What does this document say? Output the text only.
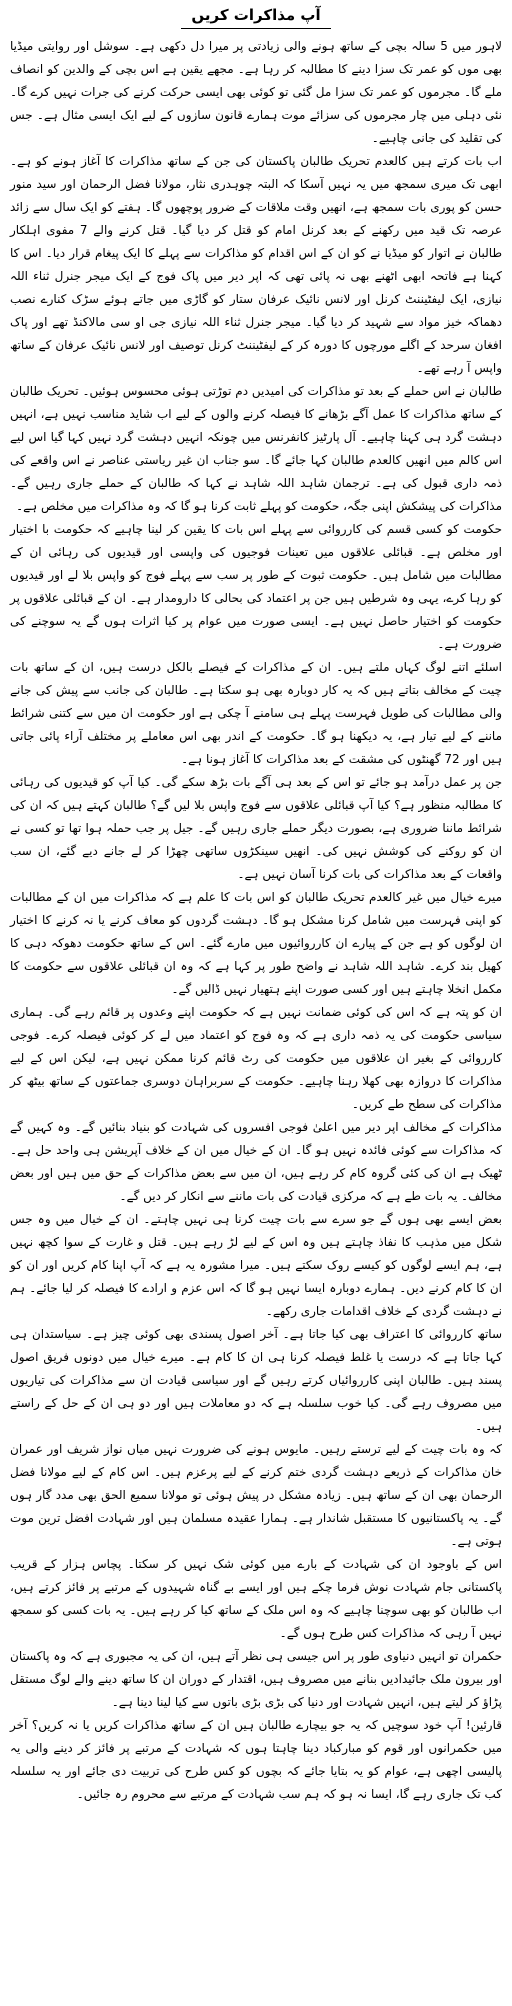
آپ مذاکرات کریں

لاہور میں 5 سالہ بچی کے ساتھ ہونے والی زیادتی پر میرا دل دکھی ہے۔ سوشل اور روایتی میڈیا بھی موں کو عمر تک سزا دینے کا مطالبہ کر رہا ہے۔ مجھے یقین ہے اس بچی کے والدین کو انصاف ملے گا۔ مجرموں کو عمر تک سزا مل گئی تو کوئی بھی ایسی حرکت کرنے کی جرات نہیں کرے گا۔ نئی دہلی میں چار مجرموں کی سزائے موت ہمارے قانون سازوں کے لیے ایک ایسی مثال ہے۔ جس کی تقلید کی جانی چاہیے۔

اب بات کرتے ہیں کالعدم تحریک طالبان پاکستان کی جن کے ساتھ مذاکرات کا آغاز ہونے کو ہے۔ ابھی تک میری سمجھ میں یہ نہیں آسکا کہ البتہ چوہدری نثار، مولانا فضل الرحمان اور سید منور حسن کو پوری بات سمجھ ہے، انھیں وقت ملاقات کے ضرور پوچھوں گا۔ ہفتے کو ایک سال سے زائد عرصہ تک قید میں رکھنے کے بعد کرنل امام کو قتل کر دیا گیا۔ قتل کرنے والے 7 مفوی اہلکار طالبان نے اتوار کو میڈیا نے کو ان کے اس اقدام کو مذاکرات سے پہلے کا ایک پیغام قرار دیا۔ اس کا کہنا ہے فاتحہ ابھی اٹھنے بھی نہ پائی تھی کہ اپر دیر میں پاک فوج کے ایک میجر جنرل ثناء اللہ نیازی، ایک لیفٹیننٹ کرنل اور لانس نائیک عرفان ستار کو گاڑی میں جاتے ہوئے سڑک کنارے نصب دھماکہ خیز مواد سے شہید کر دیا گیا۔ میجر جنرل ثناء اللہ نیازی جی او سی مالاکنڈ تھے اور پاک افغان سرحد کے اگلے مورچوں کا دورہ کر کے لیفٹیننٹ کرنل توصیف اور لانس نائیک عرفان کے ساتھ واپس آ رہے تھے۔

طالبان نے اس حملے کے بعد تو مذاکرات کی امیدیں دم توڑتی ہوئی محسوس ہوئیں۔ تحریک طالبان کے ساتھ مذاکرات کا عمل آگے بڑھانے کا فیصلہ کرنے والوں کے لیے اب شاید مناسب نہیں ہے، انہیں دہشت گرد ہی کہنا چاہیے۔ آل پارٹیز کانفرنس میں چونکہ انہیں دہشت گرد نہیں کہا گیا اس لیے اس کالم میں انھیں کالعدم طالبان کہا جائے گا۔ سو جناب ان غیر ریاستی عناصر نے اس واقعے کی ذمہ داری قبول کی ہے۔ ترجمان شاہد اللہ شاہد نے کہا کہ طالبان کے حملے جاری رہیں گے۔ مذاکرات کی پیشکش اپنی جگہ، حکومت کو پہلے ثابت کرنا ہو گا کہ وہ مذاکرات میں مخلص ہے۔

حکومت کو کسی قسم کی کارروائی سے پہلے اس بات کا یقین کر لینا چاہیے کہ حکومت با اختیار اور مخلص ہے۔ قبائلی علاقوں میں تعینات فوجیوں کی واپسی اور قیدیوں کی رہائی ان کے مطالبات میں شامل ہیں۔ حکومت ثبوت کے طور پر سب سے پہلے فوج کو واپس بلا لے اور قیدیوں کو رہا کرے، یہی وہ شرطیں ہیں جن پر اعتماد کی بحالی کا دارومدار ہے۔ ان کے قبائلی علاقوں پر حکومت کو اختیار حاصل نہیں ہے۔ ایسی صورت میں عوام پر کیا اثرات ہوں گے یہ سوچنے کی ضرورت ہے۔

اسلئے اتنے لوگ کہاں ملتے ہیں۔ ان کے مذاکرات کے فیصلے بالکل درست ہیں، ان کے ساتھ بات چیت کے مخالف بتاتے ہیں کہ یہ کار دوبارہ بھی ہو سکتا ہے۔ طالبان کی جانب سے پیش کی جانے والی مطالبات کی طویل فہرست پہلے ہی سامنے آ چکی ہے اور حکومت ان میں سے کتنی شرائط ماننے کے لیے تیار ہے، یہ دیکھنا ہو گا۔ حکومت کے اندر بھی اس معاملے پر مختلف آراء پائی جاتی ہیں اور 72 گھنٹوں کی مشقت کے بعد مذاکرات کا آغاز ہونا ہے۔

جن پر عمل درآمد ہو جائے تو اس کے بعد ہی آگے بات بڑھ سکے گی۔ کیا آپ کو قیدیوں کی رہائی کا مطالبہ منظور ہے؟ کیا آپ قبائلی علاقوں سے فوج واپس بلا لیں گے؟ طالبان کہتے ہیں کہ ان کی شرائط ماننا ضروری ہے، بصورت دیگر حملے جاری رہیں گے۔ جیل پر جب حملہ ہوا تھا تو کسی نے ان کو روکنے کی کوشش نہیں کی۔ انھیں سینکڑوں ساتھی چھڑا کر لے جانے دیے گئے، ان سب واقعات کے بعد مذاکرات کی بات کرنا آسان نہیں ہے۔

میرے خیال میں غیر کالعدم تحریک طالبان کو اس بات کا علم ہے کہ مذاکرات میں ان کے مطالبات کو اپنی فہرست میں شامل کرنا مشکل ہو گا۔ دہشت گردوں کو معاف کرنے یا نہ کرنے کا اختیار ان لوگوں کو ہے جن کے پیارے ان کارروائیوں میں مارے گئے۔ اس کے ساتھ حکومت دھوکہ دہی کا کھیل بند کرے۔ شاہد اللہ شاہد نے واضح طور پر کہا ہے کہ وہ ان قبائلی علاقوں سے حکومت کا مکمل انخلا چاہتے ہیں اور کسی صورت اپنے ہتھیار نہیں ڈالیں گے۔

ان کو پتہ ہے کہ اس کی کوئی ضمانت نہیں ہے کہ حکومت اپنے وعدوں پر قائم رہے گی۔ ہماری سیاسی حکومت کی یہ ذمہ داری ہے کہ وہ فوج کو اعتماد میں لے کر کوئی فیصلہ کرے۔ فوجی کارروائی کے بغیر ان علاقوں میں حکومت کی رٹ قائم کرنا ممکن نہیں ہے، لیکن اس کے لیے مذاکرات کا دروازہ بھی کھلا رہنا چاہیے۔ حکومت کے سربراہان دوسری جماعتوں کے ساتھ بیٹھ کر مذاکرات کی سطح طے کریں۔

مذاکرات کے مخالف اپر دیر میں اعلیٰ فوجی افسروں کی شہادت کو بنیاد بنائیں گے۔ وہ کہیں گے کہ مذاکرات سے کوئی فائدہ نہیں ہو گا۔ ان کے خیال میں ان کے خلاف آپریشن ہی واحد حل ہے۔ ٹھیک ہے ان کی کئی گروہ کام کر رہے ہیں، ان میں سے بعض مذاکرات کے حق میں ہیں اور بعض مخالف۔ یہ بات طے ہے کہ مرکزی قیادت کی بات ماننے سے انکار کر دیں گے۔

بعض ایسے بھی ہوں گے جو سرے سے بات چیت کرنا ہی نہیں چاہتے۔ ان کے خیال میں وہ جس شکل میں مذہب کا نفاذ چاہتے ہیں وہ اس کے لیے لڑ رہے ہیں۔ قتل و غارت کے سوا کچھ نہیں ہے، ہم ایسے لوگوں کو کیسے روک سکتے ہیں۔ میرا مشورہ یہ ہے کہ آپ اپنا کام کریں اور ان کو ان کا کام کرنے دیں۔ ہمارے دوبارہ ایسا نہیں ہو گا کہ اس عزم و ارادے کا فیصلہ کر لیا جائے۔ ہم نے دہشت گردی کے خلاف اقدامات جاری رکھے۔

ساتھ کارروائی کا اعتراف بھی کیا جاتا ہے۔ آخر اصول پسندی بھی کوئی چیز ہے۔ سیاستدان ہی کہا جاتا ہے کہ درست یا غلط فیصلہ کرنا ہی ان کا کام ہے۔ میرے خیال میں دونوں فریق اصول پسند ہیں۔ طالبان اپنی کارروائیاں کرتے رہیں گے اور سیاسی قیادت ان سے مذاکرات کی تیاریوں میں مصروف رہے گی۔ کیا خوب سلسلہ ہے کہ دو معاملات ہیں اور دو ہی ان کے حل کے راستے ہیں۔

کہ وہ بات چیت کے لیے ترستے رہیں۔ مایوس ہونے کی ضرورت نہیں میاں نواز شریف اور عمران خان مذاکرات کے ذریعے دہشت گردی ختم کرنے کے لیے پرعزم ہیں۔ اس کام کے لیے مولانا فضل الرحمان بھی ان کے ساتھ ہیں۔ زیادہ مشکل در پیش ہوئی تو مولانا سمیع الحق بھی مدد گار ہوں گے۔ یہ پاکستانیوں کا مستقبل شاندار ہے۔ ہمارا عقیدہ مسلمان ہیں اور شہادت افضل ترین موت ہوتی ہے۔

اس کے باوجود ان کی شہادت کے بارے میں کوئی شک نہیں کر سکتا۔ پچاس ہزار کے قریب پاکستانی جام شہادت نوش فرما چکے ہیں اور ایسے بے گناہ شہیدوں کے مرتبے پر فائز کرتے ہیں، اب طالبان کو بھی سوچنا چاہیے کہ وہ اس ملک کے ساتھ کیا کر رہے ہیں۔ یہ بات کسی کو سمجھ نہیں آ رہی کہ مذاکرات کس طرح ہوں گے۔

حکمران تو انہیں دنیاوی طور پر اس جیسی ہی نظر آتے ہیں، ان کی یہ مجبوری ہے کہ وہ پاکستان اور بیرون ملک جائیدادیں بنانے میں مصروف ہیں، اقتدار کے دوران ان کا ساتھ دینے والے لوگ مستقل پڑاؤ کر لیتے ہیں، انہیں شہادت اور دنیا کی بڑی بڑی باتوں سے کیا لینا دینا ہے۔

قارئین! آپ خود سوچیں کہ یہ جو بیچارے طالبان ہیں ان کے ساتھ مذاکرات کریں یا نہ کریں؟ آخر میں حکمرانوں اور قوم کو مبارکباد دینا چاہتا ہوں کہ شہادت کے مرتبے پر فائز کر دینے والی یہ پالیسی اچھی ہے، عوام کو یہ بتایا جائے کہ بچوں کو کس طرح کی تربیت دی جائے اور یہ سلسلہ کب تک جاری رہے گا، ایسا نہ ہو کہ ہم سب شہادت کے مرتبے سے محروم رہ جائیں۔
